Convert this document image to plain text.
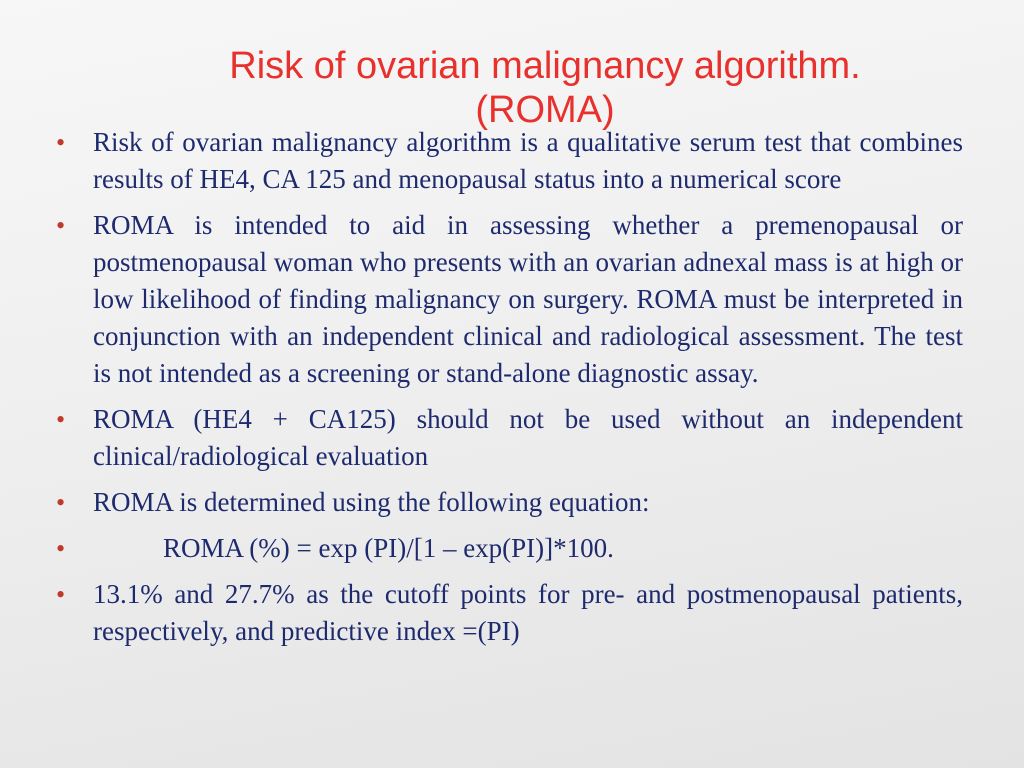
Risk of ovarian malignancy algorithm.
(ROMA)
• Risk of ovarian malignancy algorithm is a qualitative serum test that combines results of HE4, CA 125 and menopausal status into a numerical score
• ROMA is intended to aid in assessing whether a premenopausal or postmenopausal woman who presents with an ovarian adnexal mass is at high or low likelihood of finding malignancy on surgery. ROMA must be interpreted in conjunction with an independent clinical and radiological assessment. The test is not intended as a screening or stand-alone diagnostic assay.
• ROMA (HE4 + CA125) should not be used without an independent clinical/radiological evaluation
• ROMA is determined using the following equation:
•	ROMA (%) = exp (PI)/[1 – exp(PI)]*100.
• 13.1% and 27.7% as the cutoff points for pre- and postmenopausal patients, respectively, and predictive index =(PI)
